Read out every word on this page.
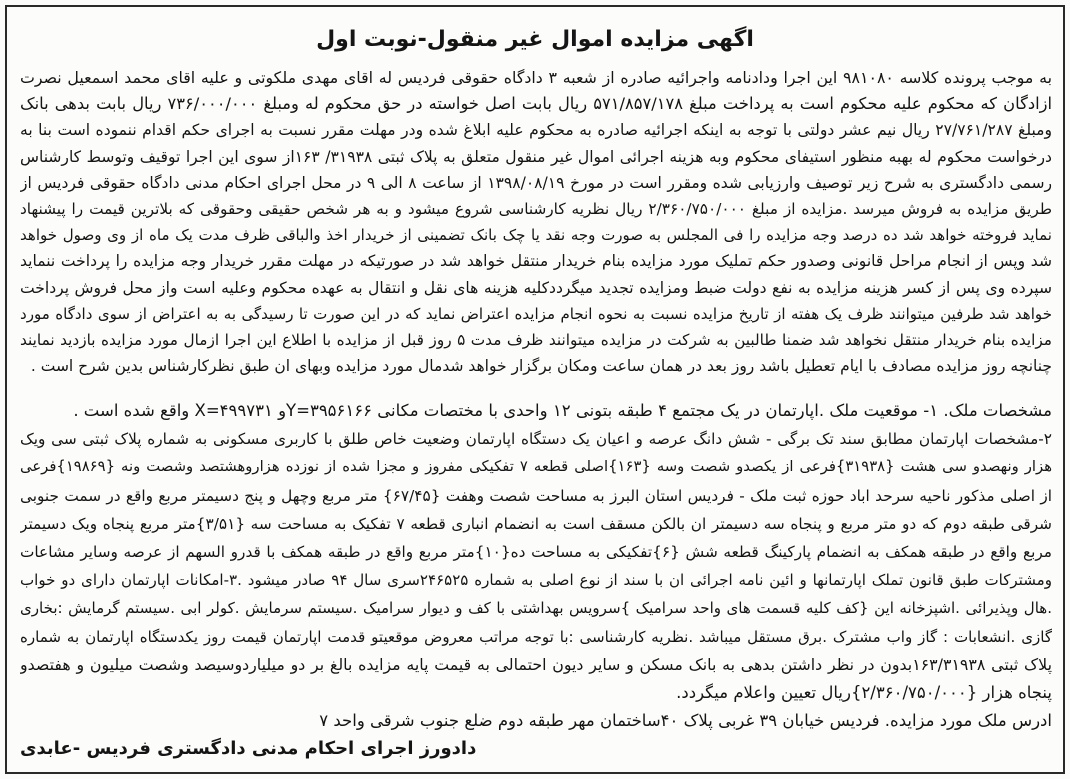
اگهی مزایده اموال غیر منقول-نوبت اول
به موجب پرونده کلاسه ۹۸۱۰۸۰ این اجرا ودادنامه واجرائیه صادره از شعبه ۳ دادگاه حقوقی فردیس له اقای مهدی ملکوتی و علیه اقای محمد اسمعیل نصرت
ازادگان که محکوم علیه محکوم است به پرداخت مبلغ ۵۷۱/۸۵۷/۱۷۸ ریال بابت اصل خواسته در حق محکوم له ومبلغ ۷۳۶/۰۰۰/۰۰۰ ریال بابت بدهی بانک
ومبلغ ۲۷/۷۶۱/۲۸۷ ریال نیم عشر دولتی با توجه به اینکه اجرائیه صادره به محکوم علیه ابلاغ شده ودر مهلت مقرر نسبت به اجرای حکم اقدام ننموده است بنا به
درخواست محکوم له بهبه منظور استیفای محکوم وبه هزینه اجرائی اموال غیر منقول متعلق به پلاک ثبتی ۳۱۹۳۸/ ۱۶۳از سوی این اجرا توقیف وتوسط کارشناس
رسمی دادگستری به شرح زیر توصیف وارزیابی شده ومقرر است در مورخ ۱۳۹۸/۰۸/۱۹ از ساعت ۸ الی ۹ در محل اجرای احکام مدنی دادگاه حقوقی فردیس از
طریق مزایده به فروش میرسد .مزایده از مبلغ ۲/۳۶۰/۷۵۰/۰۰۰ ریال نظریه کارشناسی شروع میشود و به هر شخص حقیقی وحقوقی که بلاترین قیمت را پیشنهاد
نماید فروخته خواهد شد ده درصد وجه مزایده را فی المجلس به صورت وجه نقد یا چک بانک تضمینی از خریدار اخذ والباقی ظرف مدت یک ماه از وی وصول خواهد
شد وپس از انجام مراحل قانونی وصدور حکم تملیک مورد مزایده بنام خریدار منتقل خواهد شد در صورتیکه در مهلت مقرر خریدار وجه مزایده را پرداخت ننماید
سپرده وی پس از کسر هزینه مزایده به نفع دولت ضبط ومزایده تجدید میگرددکلیه هزینه های نقل و انتقال به عهده محکوم وعلیه است واز محل فروش پرداخت
خواهد شد طرفین میتوانند ظرف یک هفته از تاریخ مزایده نسبت به نحوه انجام مزایده اعتراض نماید که در این صورت تا رسیدگی به به اعتراض از سوی دادگاه مورد
مزایده بنام خریدار منتقل نخواهد شد ضمنا طالبین به شرکت در مزایده میتوانند ظرف مدت ۵ روز قبل از مزایده با اطلاع این اجرا ازمال مورد مزایده بازدید نمایند
چنانچه روز مزایده مصادف با ایام تعطیل باشد روز بعد در همان ساعت ومکان برگزار خواهد شدمال مورد مزایده وبهای ان طبق نظرکارشناس بدین شرح است .
مشخصات ملک. ۱- موقعیت ملک .اپارتمان در یک مجتمع ۴ طبقه بتونی ۱۲ واحدی با مختصات مکانی Y=۳۹۵۶۱۶۶و X=۴۹۹۷۳۱ واقع شده است .
۲-مشخصات اپارتمان مطابق سند تک برگی - شش دانگ عرصه و اعیان یک دستگاه اپارتمان وضعیت خاص طلق با کاربری مسکونی به شماره پلاک ثبتی سی ویک
هزار ونهصدو سی هشت {۳۱۹۳۸}فرعی از یکصدو شصت وسه {۱۶۳}اصلی قطعه ۷ تفکیکی مفروز و مجزا شده از نوزده هزاروهشتصد وشصت ونه {۱۹۸۶۹}فرعی
از اصلی مذکور ناحیه سرحد اباد حوزه ثبت ملک - فردیس استان البرز به مساحت شصت وهفت {۶۷/۴۵} متر مربع وچهل و پنج دسیمتر مربع واقع در سمت جنوبی
شرقی طبقه دوم که دو متر مربع و پنجاه سه دسیمتر ان بالکن مسقف است به انضمام انباری قطعه ۷ تفکیک به مساحت سه {۳/۵۱}متر مربع پنجاه ویک دسیمتر
مربع واقع در طبقه همکف به انضمام پارکینگ قطعه شش {۶}تفکیکی به مساحت ده{۱۰}متر مربع واقع در طبقه همکف با قدرو السهم از عرصه وسایر مشاعات
ومشترکات طبق قانون تملک اپارتمانها و ائین نامه اجرائی ان با سند از نوع اصلی به شماره ۲۴۶۵۲۵سری سال ۹۴ صادر میشود .۳-امکانات اپارتمان دارای دو خواب
.هال وپذیرائی .اشپزخانه این {کف کلیه قسمت های واحد سرامیک }سرویس بهداشتی با کف و دیوار سرامیک .سیستم سرمایش .کولر ابی .سیستم گرمایش :بخاری
گازی .انشعابات : گاز واب مشترک .برق مستقل میباشد .نظریه کارشناسی :با توجه مراتب معروض موقعیتو قدمت اپارتمان قیمت روز یکدستگاه اپارتمان به شماره
پلاک ثبتی ۱۶۳/۳۱۹۳۸بدون در نظر داشتن بدهی به بانک مسکن و سایر دیون احتمالی به قیمت پایه مزایده بالغ بر دو میلیاردوسیصد وشصت میلیون و هفتصدو
پنجاه هزار {۲/۳۶۰/۷۵۰/۰۰۰}ریال تعیین واعلام میگردد.
ادرس ملک مورد مزایده. فردیس خیابان ۳۹ غربی پلاک ۴۰ساختمان مهر طبقه دوم ضلع جنوب شرقی واحد ۷
دادورز اجرای احکام مدنی دادگستری فردیس -عابدی
